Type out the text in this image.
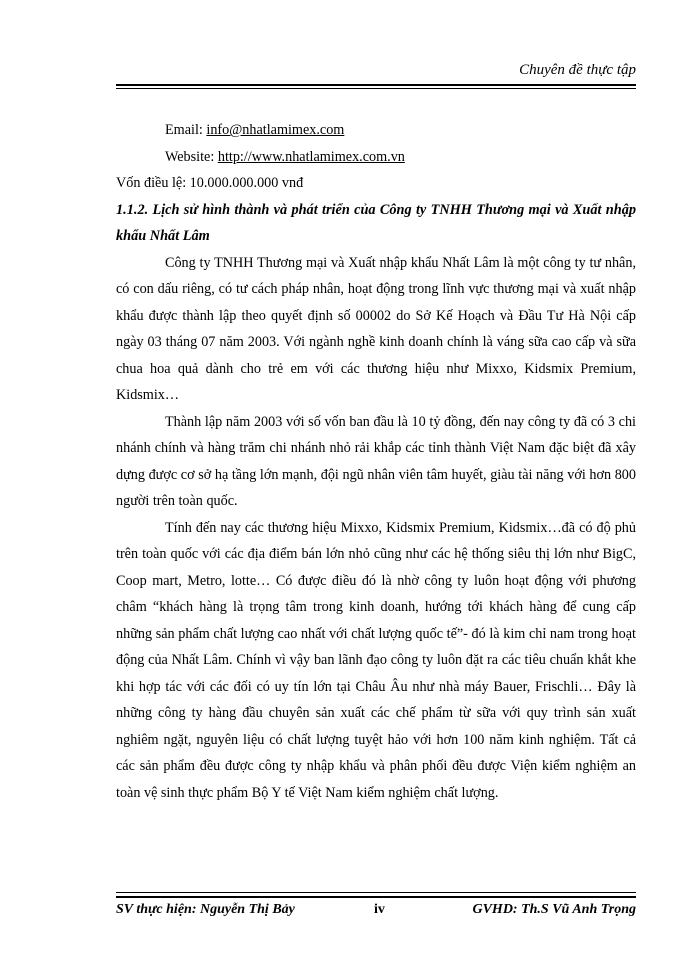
Chuyên đề thực tập
Email: info@nhatlamimex.com
Website: http://www.nhatlamimex.com.vn
Vốn điều lệ: 10.000.000.000 vnđ
1.1.2. Lịch sử hình thành và phát triển của Công ty TNHH Thương mại và Xuất nhập khẩu Nhất Lâm

Công ty TNHH Thương mại và Xuất nhập khẩu Nhất Lâm là một công ty tư nhân, có con dấu riêng, có tư cách pháp nhân, hoạt động trong lĩnh vực thương mại và xuất nhập khẩu được thành lập theo quyết định số 00002 do Sở Kế Hoạch và Đầu Tư Hà Nội cấp ngày 03 tháng 07 năm 2003. Với ngành nghề kinh doanh chính là váng sữa cao cấp và sữa chua hoa quả dành cho trẻ em với các thương hiệu như Mixxo, Kidsmix Premium, Kidsmix…

Thành lập năm 2003 với số vốn ban đầu là 10 tỷ đồng, đến nay công ty đã có 3 chi nhánh chính và hàng trăm chi nhánh nhỏ rải khắp các tỉnh thành Việt Nam đặc biệt đã xây dựng được cơ sở hạ tầng lớn mạnh, đội ngũ nhân viên tâm huyết, giàu tài năng với hơn 800 người trên toàn quốc.

Tính đến nay các thương hiệu Mixxo, Kidsmix Premium, Kidsmix…đã có độ phủ trên toàn quốc với các địa điểm bán lớn nhỏ cũng như các hệ thống siêu thị lớn như BigC, Coop mart, Metro, lotte… Có được điều đó là nhờ công ty luôn hoạt động với phương châm “khách hàng là trọng tâm trong kinh doanh, hướng tới khách hàng để cung cấp những sản phẩm chất lượng cao nhất với chất lượng quốc tế”- đó là kim chỉ nam trong hoạt động của Nhất Lâm. Chính vì vậy ban lãnh đạo công ty luôn đặt ra các tiêu chuẩn khắt khe khi hợp tác với các đối có uy tín lớn tại Châu Âu như nhà máy Bauer, Frischli… Đây là những công ty hàng đầu chuyên sản xuất các chế phẩm từ sữa với quy trình sản xuất nghiêm ngặt, nguyên liệu có chất lượng tuyệt hảo với hơn 100 năm kinh nghiệm. Tất cả các sản phẩm đều được công ty nhập khẩu và phân phối đều được Viện kiểm nghiệm an toàn vệ sinh thực phẩm Bộ Y tế Việt Nam kiểm nghiệm chất lượng.

SV thực hiện: Nguyễn Thị Bảy	iv	GVHD: Th.S Vũ Anh Trọng
